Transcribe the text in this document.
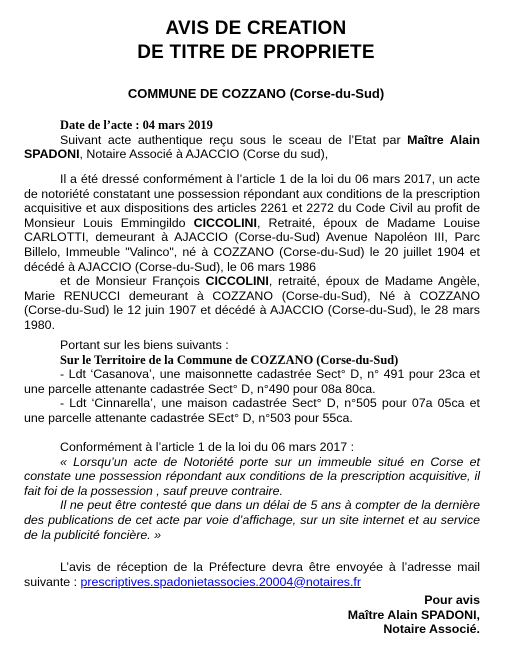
AVIS DE CREATION
DE TITRE DE PROPRIETE
COMMUNE DE COZZANO (Corse-du-Sud)

Date de l’acte : 04 mars 2019

Suivant acte authentique reçu sous le sceau de l’Etat par Maître Alain SPADONI, Notaire Associé à AJACCIO (Corse du sud),

Il a été dressé conformément à l’article 1 de la loi du 06 mars 2017, un acte de notoriété constatant une possession répondant aux conditions de la prescription acquisitive et aux dispositions des articles 2261 et 2272 du Code Civil au profit de Monsieur Louis Emmingildo CICCOLINI, Retraité, époux de Madame Louise CARLOTTI, demeurant à AJACCIO (Corse-du-Sud) Avenue Napoléon III, Parc Billelo, Immeuble "Valinco", né à COZZANO (Corse-du-Sud) le 20 juillet 1904 et décédé à AJACCIO (Corse-du-Sud), le 06 mars 1986

et de Monsieur François CICCOLINI, retraité, époux de Madame Angèle, Marie RENUCCI demeurant à COZZANO (Corse-du-Sud), Né à COZZANO (Corse-du-Sud) le 12 juin 1907 et décédé à AJACCIO (Corse-du-Sud), le 28 mars 1980.

Portant sur les biens suivants :

Sur le Territoire de la Commune de COZZANO (Corse-du-Sud)

- Ldt ‘Casanova’, une maisonnette cadastrée Sect° D, n° 491 pour 23ca et une parcelle attenante cadastrée Sect° D, n°490 pour 08a 80ca.

- Ldt ‘Cinnarella’, une maison cadastrée Sect° D, n°505 pour 07a 05ca et une parcelle attenante cadastrée SEct° D, n°503 pour 55ca.

Conformément à l’article 1 de la loi du 06 mars 2017 :

« Lorsqu’un acte de Notoriété porte sur un immeuble situé en Corse et constate une possession répondant aux conditions de la prescription acquisitive, il fait foi de la possession , sauf preuve contraire.

Il ne peut être contesté que dans un délai de 5 ans à compter de la dernière des publications de cet acte par voie d’affichage, sur un site internet et au service de la publicité foncière. »

L’avis de réception de la Préfecture devra être envoyée à l’adresse mail suivante : prescriptives.spadonietassocies.20004@notaires.fr

Pour avis
Maître Alain SPADONI,
Notaire Associé.
